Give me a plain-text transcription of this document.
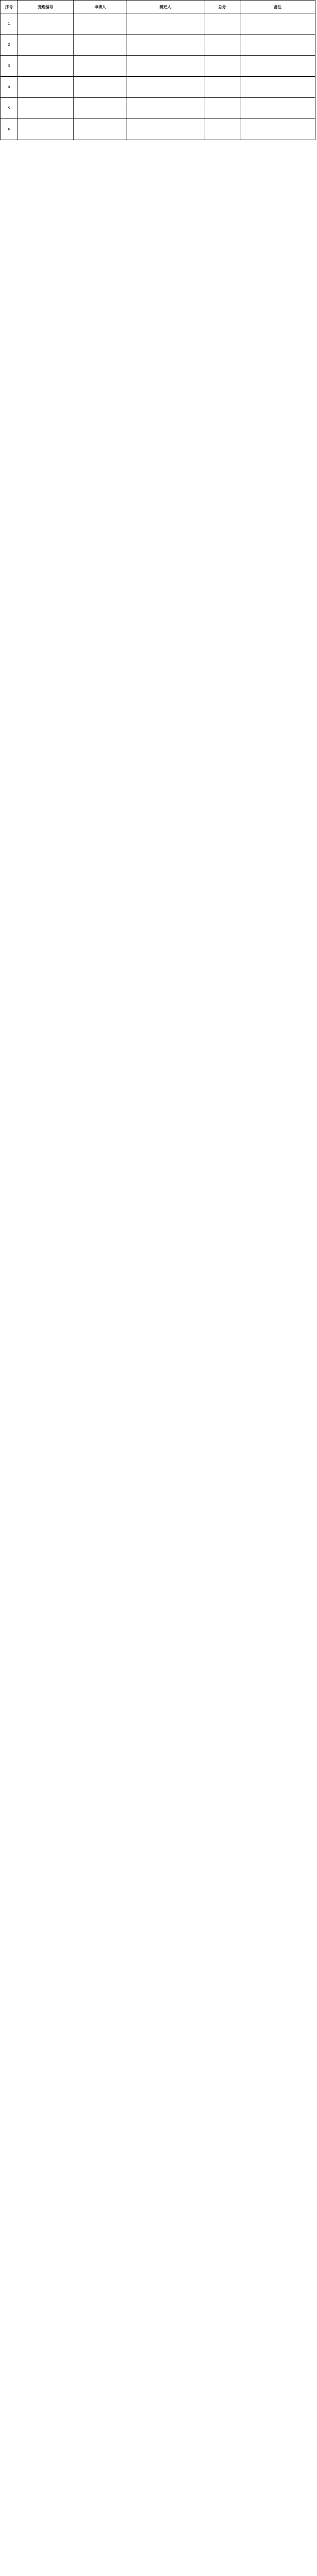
序号	受理编号	申请人	随迁人	总分	备注
1					
2					
3					
4					
5					
6					
